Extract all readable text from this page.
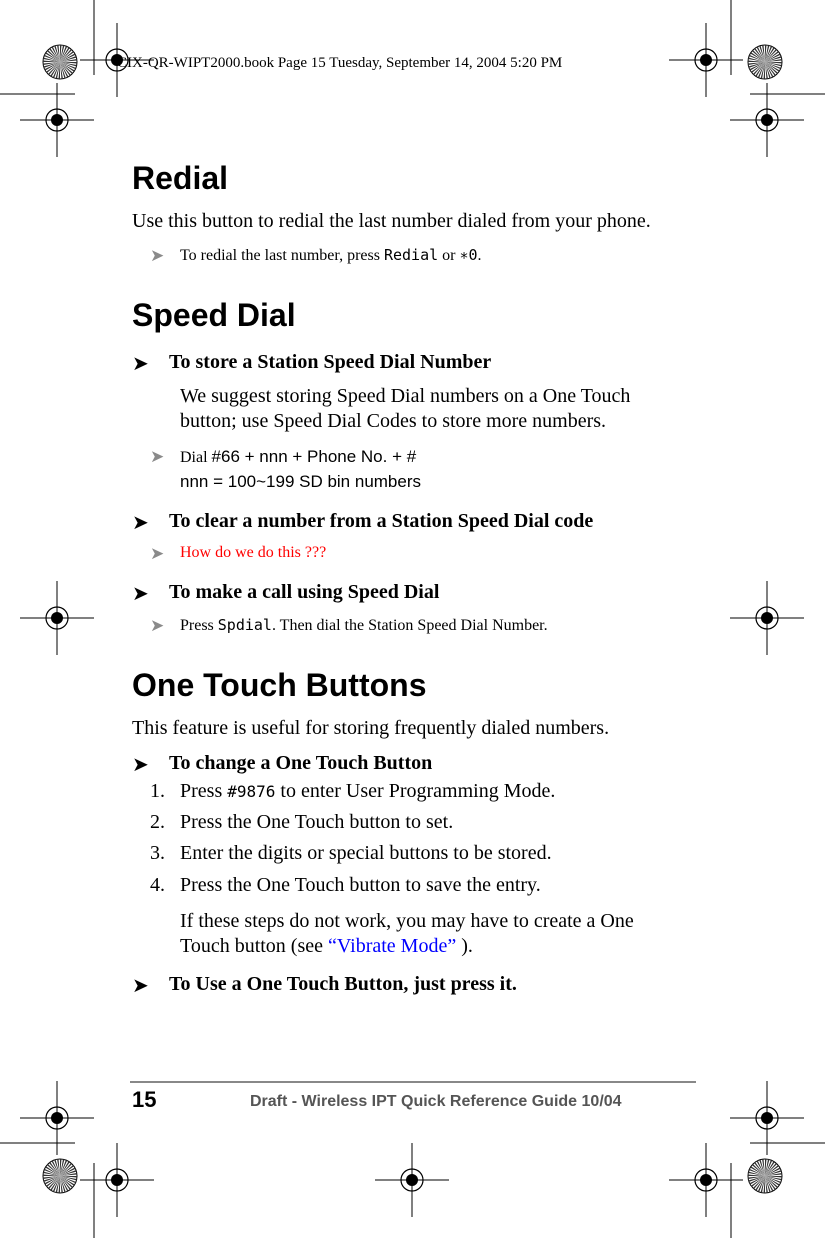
CIX-QR-WIPT2000.book Page 15 Tuesday, September 14, 2004 5:20 PM
Redial
Use this button to redial the last number dialed from your phone.
➤ To redial the last number, press Redial or ∗0.
Speed Dial
➤ To store a Station Speed Dial Number
We suggest storing Speed Dial numbers on a One Touch
button; use Speed Dial Codes to store more numbers.
➤ Dial #66 + nnn + Phone No. + #
nnn = 100~199 SD bin numbers
➤ To clear a number from a Station Speed Dial code
➤ How do we do this ???
➤ To make a call using Speed Dial
➤ Press Spdial. Then dial the Station Speed Dial Number.
One Touch Buttons
This feature is useful for storing frequently dialed numbers.
➤ To change a One Touch Button
1. Press #9876 to enter User Programming Mode.
2. Press the One Touch button to set.
3. Enter the digits or special buttons to be stored.
4. Press the One Touch button to save the entry.
If these steps do not work, you may have to create a One
Touch button (see “Vibrate Mode” ).
➤ To Use a One Touch Button, just press it.
15	Draft - Wireless IPT Quick Reference Guide 10/04
